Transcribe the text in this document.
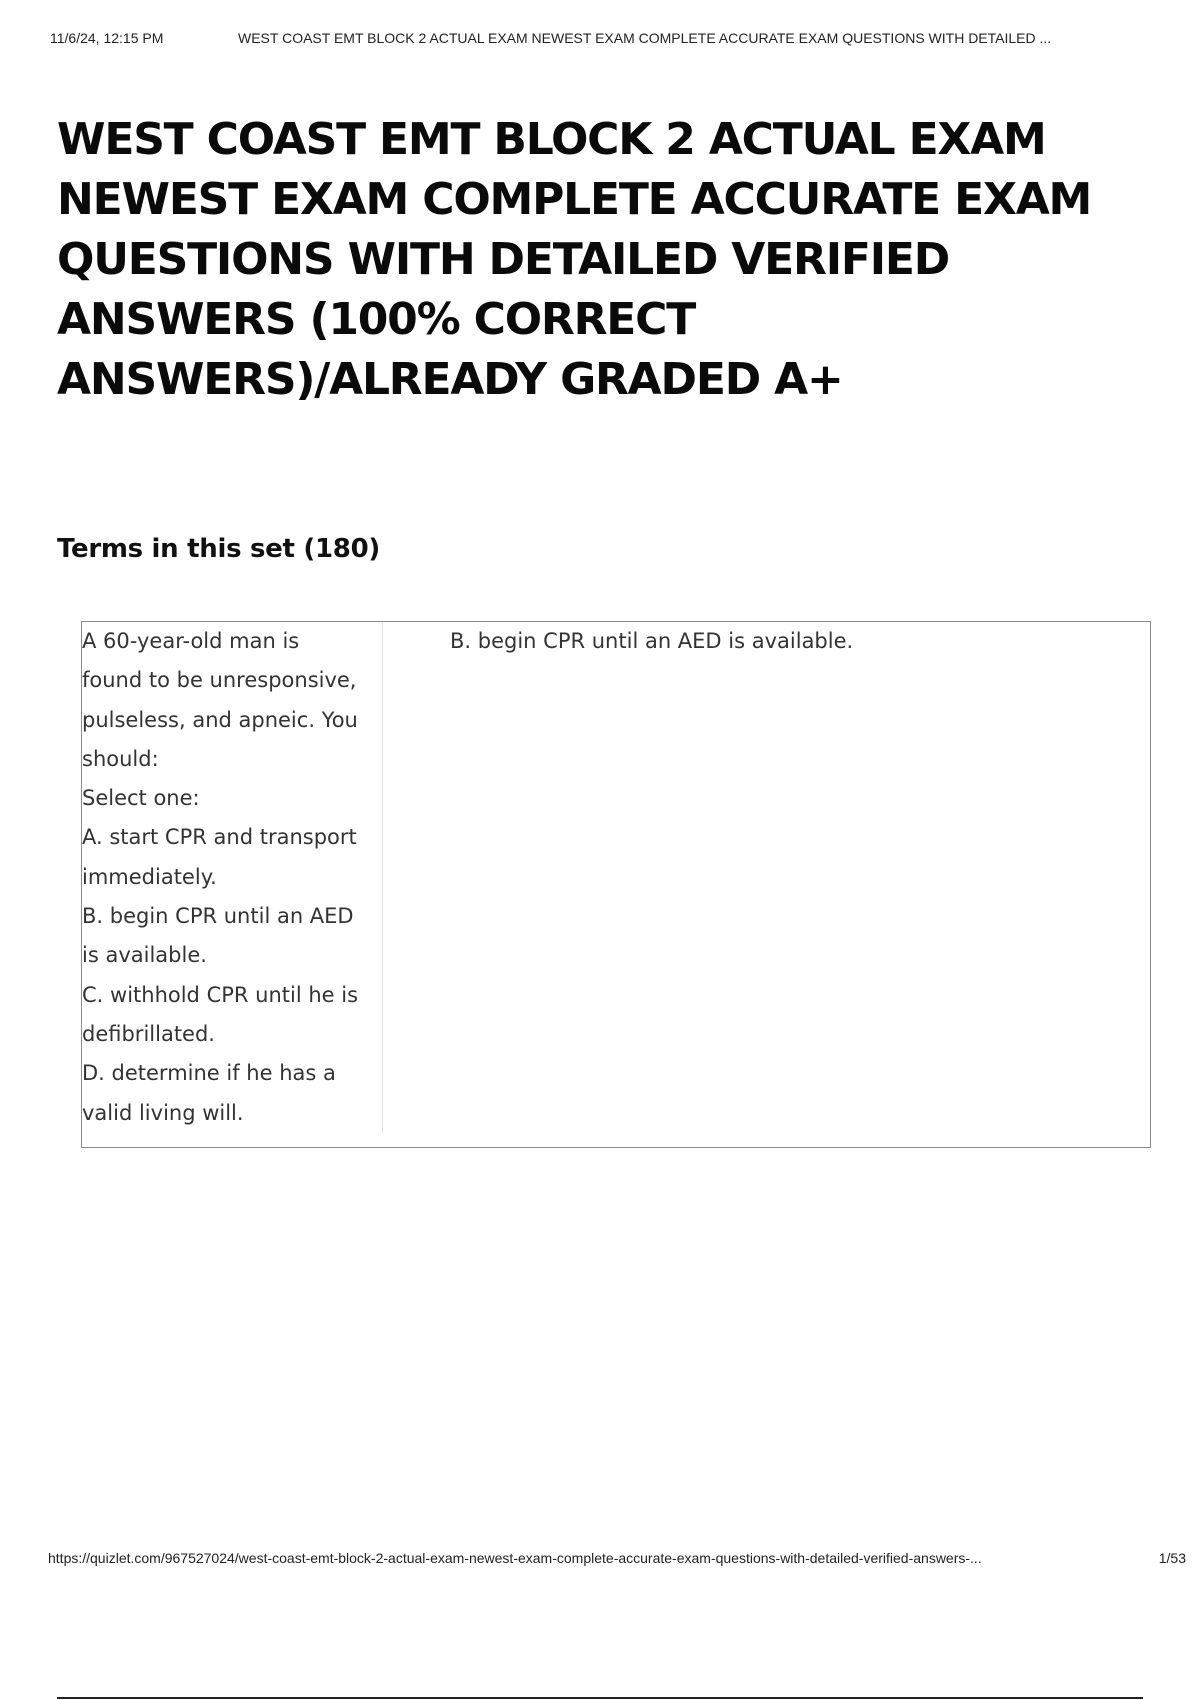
11/6/24, 12:15 PM	WEST COAST EMT BLOCK 2 ACTUAL EXAM NEWEST EXAM COMPLETE ACCURATE EXAM QUESTIONS WITH DETAILED ...
WEST COAST EMT BLOCK 2 ACTUAL EXAM NEWEST EXAM COMPLETE ACCURATE EXAM QUESTIONS WITH DETAILED VERIFIED ANSWERS (100% CORRECT ANSWERS)/ALREADY GRADED A+
Terms in this set (180)
A 60-year-old man is
found to be unresponsive,
pulseless, and apneic. You
should:
Select one:
A. start CPR and transport
immediately.
B. begin CPR until an AED
is available.
C. withhold CPR until he is
defibrillated.
D. determine if he has a
valid living will.
B. begin CPR until an AED is available.
https://quizlet.com/967527024/west-coast-emt-block-2-actual-exam-newest-exam-complete-accurate-exam-questions-with-detailed-verified-answers-...	1/53
